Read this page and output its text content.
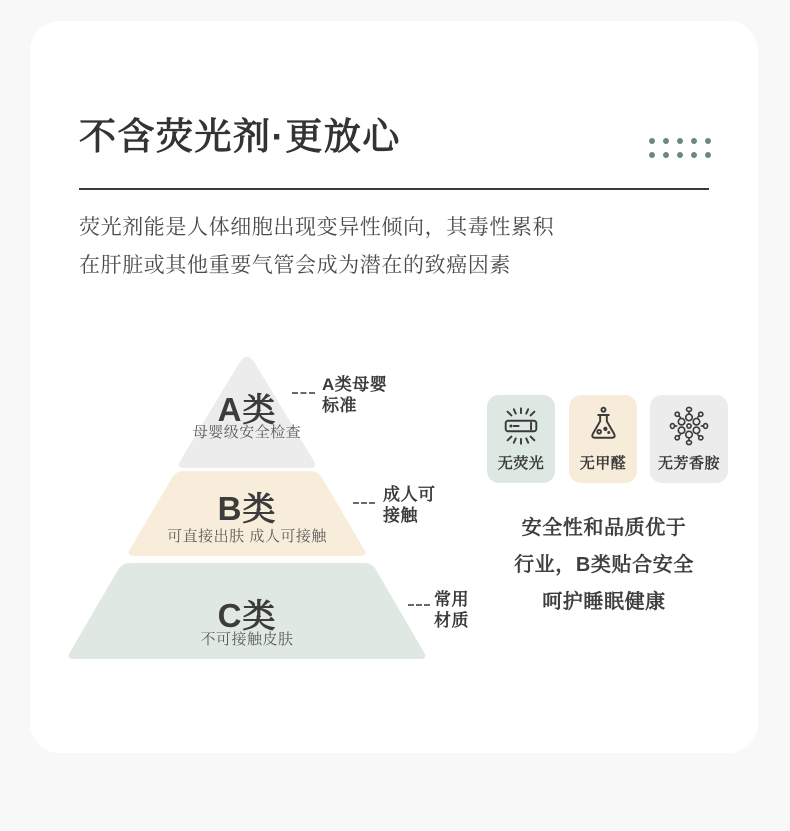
不含荧光剂·更放心
荧光剂能是人体细胞出现变异性倾向，其毒性累积
在肝脏或其他重要气管会成为潜在的致癌因素
A类
母婴级安全检查
B类
可直接出肤 成人可接触
C类
不可接触皮肤
A类母婴
标准
成人可
接触
常用
材质
无荧光 无甲醛 无芳香胺
安全性和品质优于
行业，B类贴合安全
呵护睡眠健康
